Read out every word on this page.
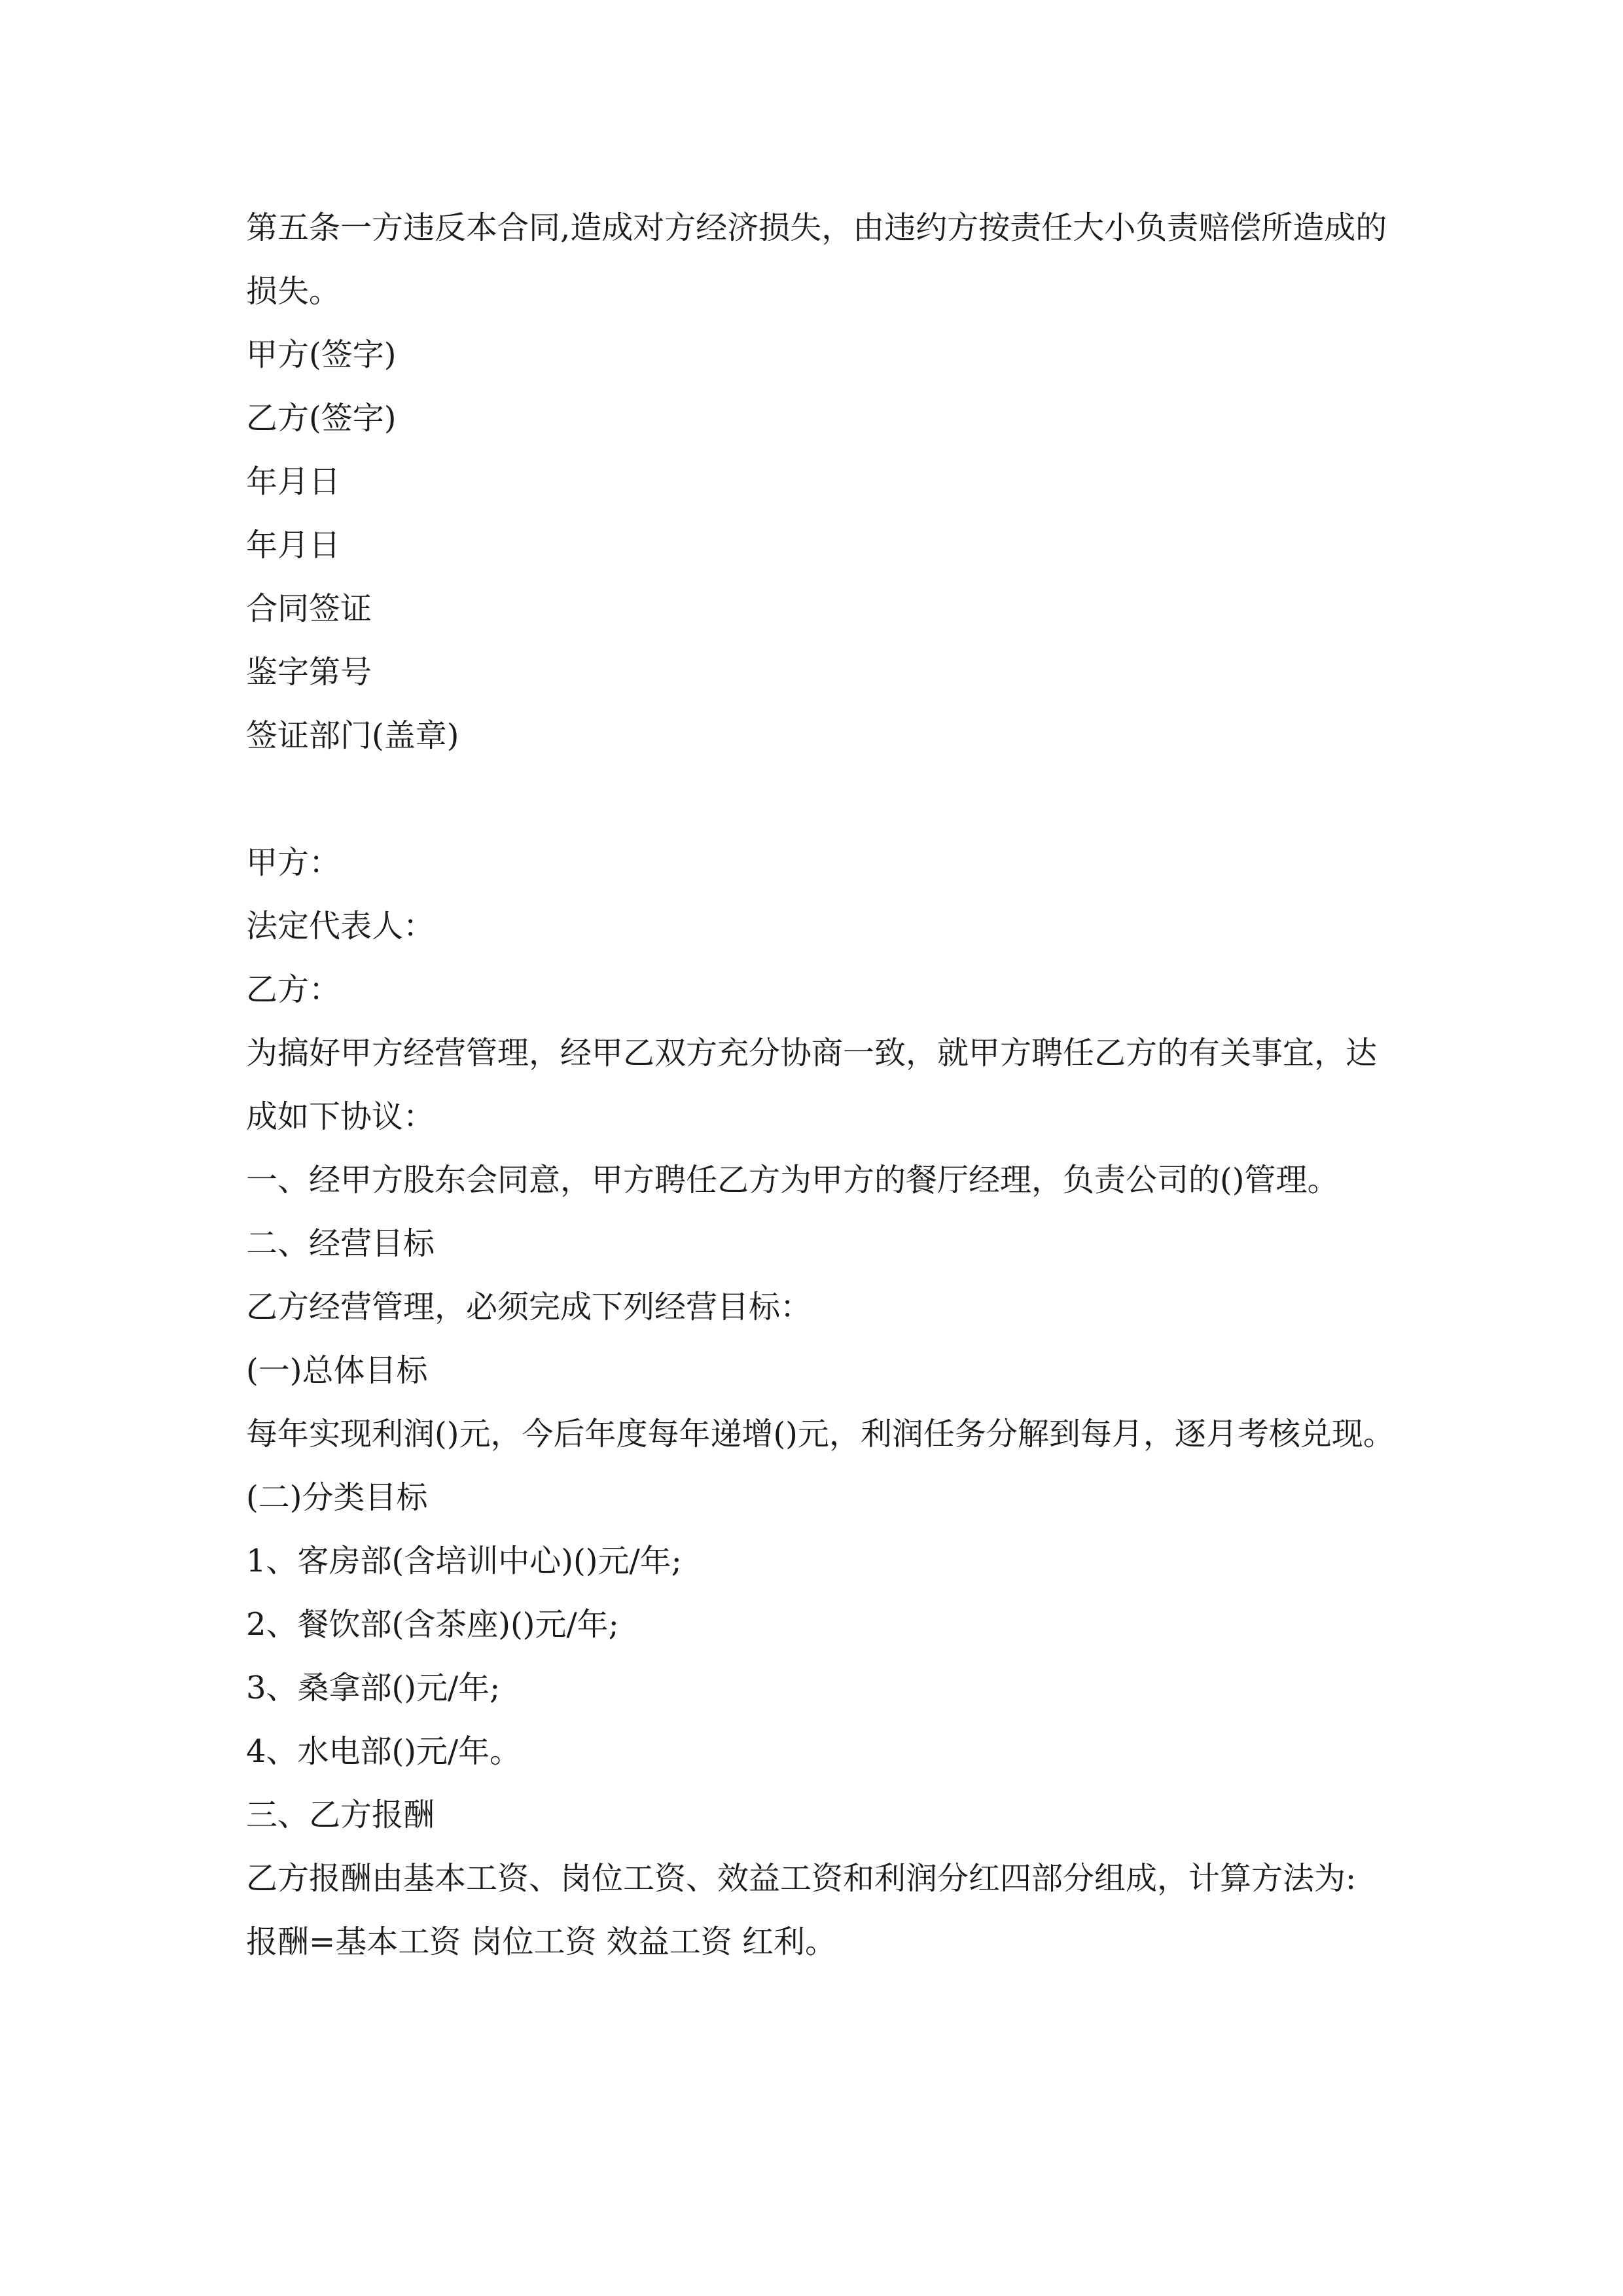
第五条一方违反本合同,造成对方经济损失，由违约方按责任大小负责赔偿所造成的损失。

甲方(签字)

乙方(签字)

年月日

年月日

合同签证

鉴字第号

签证部门(盖章)

甲方：

法定代表人：

乙方：

为搞好甲方经营管理，经甲乙双方充分协商一致，就甲方聘任乙方的有关事宜，达成如下协议：

一、经甲方股东会同意，甲方聘任乙方为甲方的餐厅经理，负责公司的()管理。

二、经营目标

乙方经营管理，必须完成下列经营目标：

(一)总体目标

每年实现利润()元，今后年度每年递增()元，利润任务分解到每月，逐月考核兑现。

(二)分类目标

1、客房部(含培训中心)()元/年;

2、餐饮部(含茶座)()元/年;

3、桑拿部()元/年;

4、水电部()元/年。

三、乙方报酬

乙方报酬由基本工资、岗位工资、效益工资和利润分红四部分组成，计算方法为:

报酬=基本工资 岗位工资 效益工资 红利。
